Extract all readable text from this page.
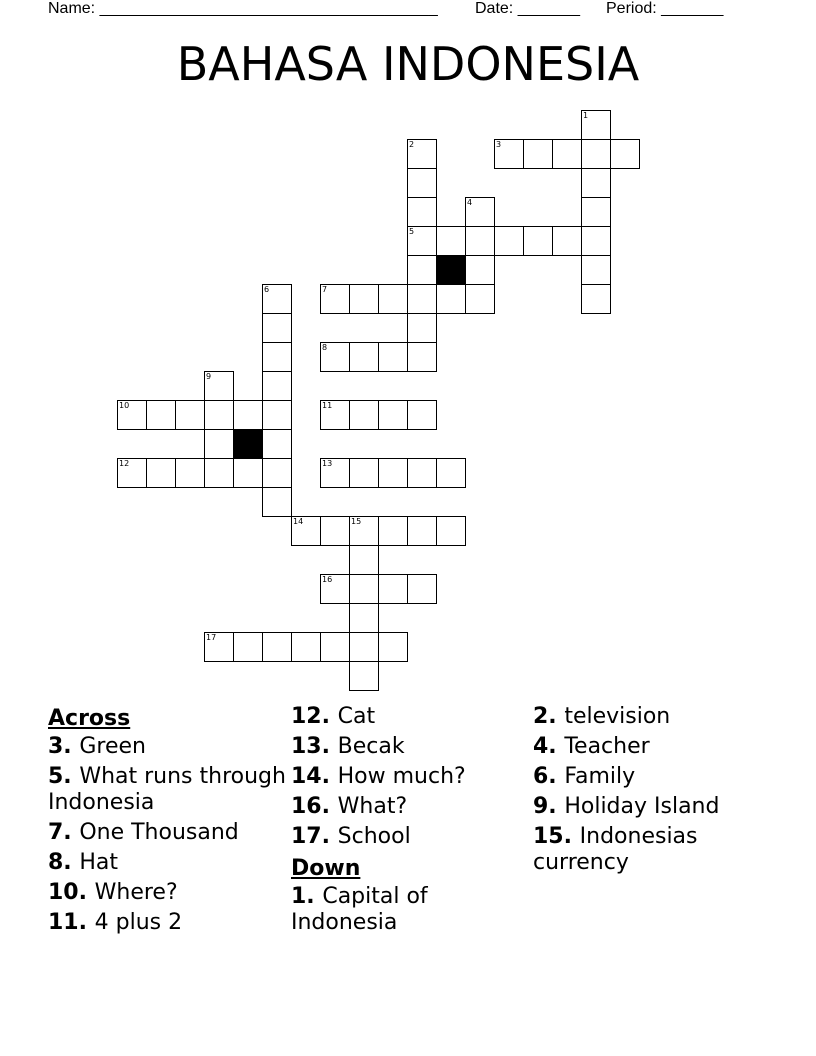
Name: ______________________________________ Date: _______ Period: _______
BAHASA INDONESIA
1
2
5
3
4
6	7
8
9
10	11
12	13
14	15
16
17
Across
3. Green
5. What runs through Indonesia
7. One Thousand
8. Hat
10. Where?
11. 4 plus 2
12. Cat
13. Becak
14. How much?
16. What?
17. School
Down
1. Capital of Indonesia
2. television
4. Teacher
6. Family
9. Holiday Island
15. Indonesias currency
